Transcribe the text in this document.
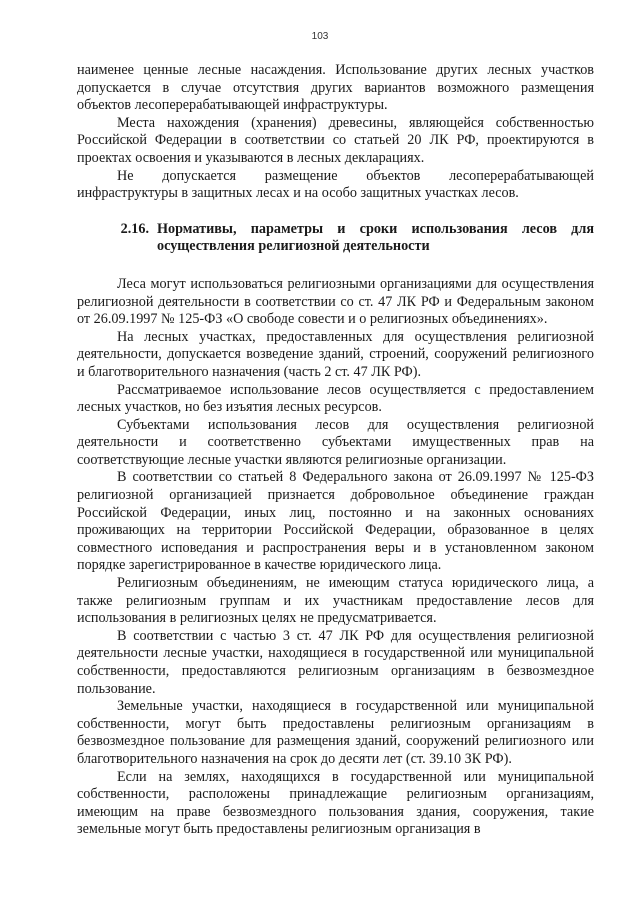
103

наименее ценные лесные насаждения. Использование других лесных участков допускается в случае отсутствия других вариантов возможного размещения объектов лесоперерабатывающей инфраструктуры.

Места нахождения (хранения) древесины, являющейся собственностью Российской Федерации в соответствии со статьей 20 ЛК РФ, проектируются в проектах освоения и указываются в лесных декларациях.

Не допускается размещение объектов лесоперерабатывающей инфраструктуры в защитных лесах и на особо защитных участках лесов.

2.16. Нормативы, параметры и сроки использования лесов для осуществления религиозной деятельности

Леса могут использоваться религиозными организациями для осуществления религиозной деятельности в соответствии со ст. 47 ЛК РФ и Федеральным законом от 26.09.1997 № 125-ФЗ «О свободе совести и о религиозных объединениях».

На лесных участках, предоставленных для осуществления религиозной деятельности, допускается возведение зданий, строений, сооружений религиозного и благотворительного назначения (часть 2 ст. 47 ЛК РФ).

Рассматриваемое использование лесов осуществляется с предоставлением лесных участков, но без изъятия лесных ресурсов.

Субъектами использования лесов для осуществления религиозной деятельности и соответственно субъектами имущественных прав на соответствующие лесные участки являются религиозные организации.

В соответствии со статьей 8 Федерального закона от 26.09.1997 № 125-ФЗ религиозной организацией признается добровольное объединение граждан Российской Федерации, иных лиц, постоянно и на законных основаниях проживающих на территории Российской Федерации, образованное в целях совместного исповедания и распространения веры и в установленном законом порядке зарегистрированное в качестве юридического лица.

Религиозным объединениям, не имеющим статуса юридического лица, а также религиозным группам и их участникам предоставление лесов для использования в религиозных целях не предусматривается.

В соответствии с частью 3 ст. 47 ЛК РФ для осуществления религиозной деятельности лесные участки, находящиеся в государственной или муниципальной собственности, предоставляются религиозным организациям в безвозмездное пользование.

Земельные участки, находящиеся в государственной или муниципальной собственности, могут быть предоставлены религиозным организациям в безвозмездное пользование для размещения зданий, сооружений религиозного или благотворительного назначения на срок до десяти лет (ст. 39.10 ЗК РФ).

Если на землях, находящихся в государственной или муниципальной собственности, расположены принадлежащие религиозным организациям, имеющим на праве безвозмездного пользования здания, сооружения, такие земельные могут быть предоставлены религиозным организация в
